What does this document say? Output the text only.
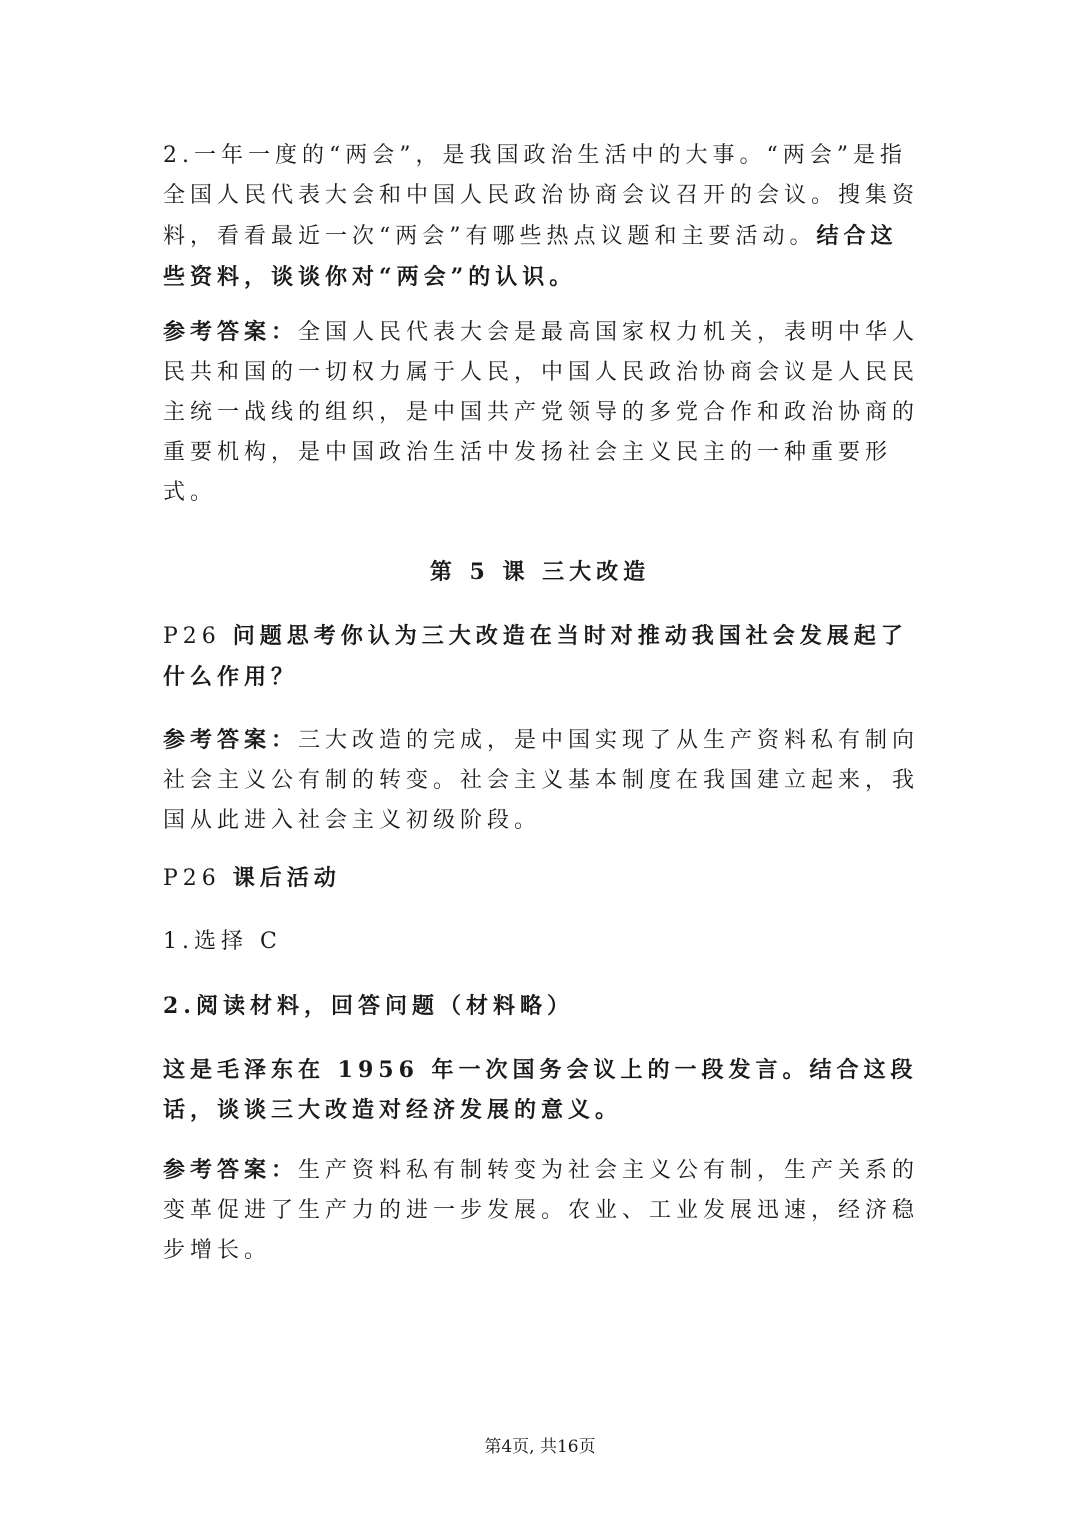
2.一年一度的“两会”，是我国政治生活中的大事。“两会”是指全国人民代表大会和中国人民政治协商会议召开的会议。搜集资料，看看最近一次“两会”有哪些热点议题和主要活动。结合这些资料，谈谈你对“两会”的认识。

参考答案：全国人民代表大会是最高国家权力机关，表明中华人民共和国的一切权力属于人民，中国人民政治协商会议是人民民主统一战线的组织，是中国共产党领导的多党合作和政治协商的重要机构，是中国政治生活中发扬社会主义民主的一种重要形式。

第 5 课 三大改造

P26 问题思考你认为三大改造在当时对推动我国社会发展起了什么作用？

参考答案：三大改造的完成，是中国实现了从生产资料私有制向社会主义公有制的转变。社会主义基本制度在我国建立起来，我国从此进入社会主义初级阶段。

P26 课后活动

1.选择 C

2.阅读材料，回答问题（材料略）

这是毛泽东在 1956 年一次国务会议上的一段发言。结合这段话，谈谈三大改造对经济发展的意义。

参考答案：生产资料私有制转变为社会主义公有制，生产关系的变革促进了生产力的进一步发展。农业、工业发展迅速，经济稳步增长。

第4页, 共16页
